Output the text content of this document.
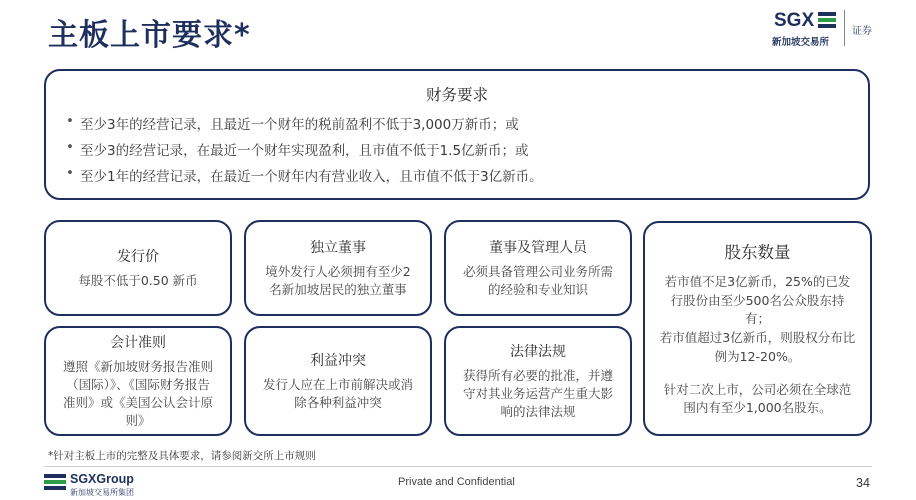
主板上市要求*	SGX
新加坡交易所
证券
财务要求
• 至少3年的经营记录，且最近一个财年的税前盈利不低于3,000万新币；或
• 至少3的经营记录，在最近一个财年实现盈利，且市值不低于1.5亿新币；或
• 至少1年的经营记录，在最近一个财年内有营业收入，且市值不低于3亿新币。
发行价
每股不低于0.50 新币
独立董事
境外发行人必须拥有至少2名新加坡居民的独立董事
董事及管理人员
必须具备管理公司业务所需的经验和专业知识
会计准则
遵照《新加坡财务报告准则（国际）》、《国际财务报告准则》或《美国公认会计原则》
利益冲突
发行人应在上市前解决或消除各种利益冲突
法律法规
获得所有必要的批准，并遵守对其业务运营产生重大影响的法律法规
股东数量
若市值不足3亿新币，25%的已发行股份由至少500名公众股东持有；
若市值超过3亿新币，则股权分布比例为12-20%。
针对二次上市，公司必须在全球范围内有至少1,000名股东。
*针对主板上市的完整及具体要求，请参阅新交所上市规则
SGXGroup
新加坡交易所集团
Private and Confidential	34
